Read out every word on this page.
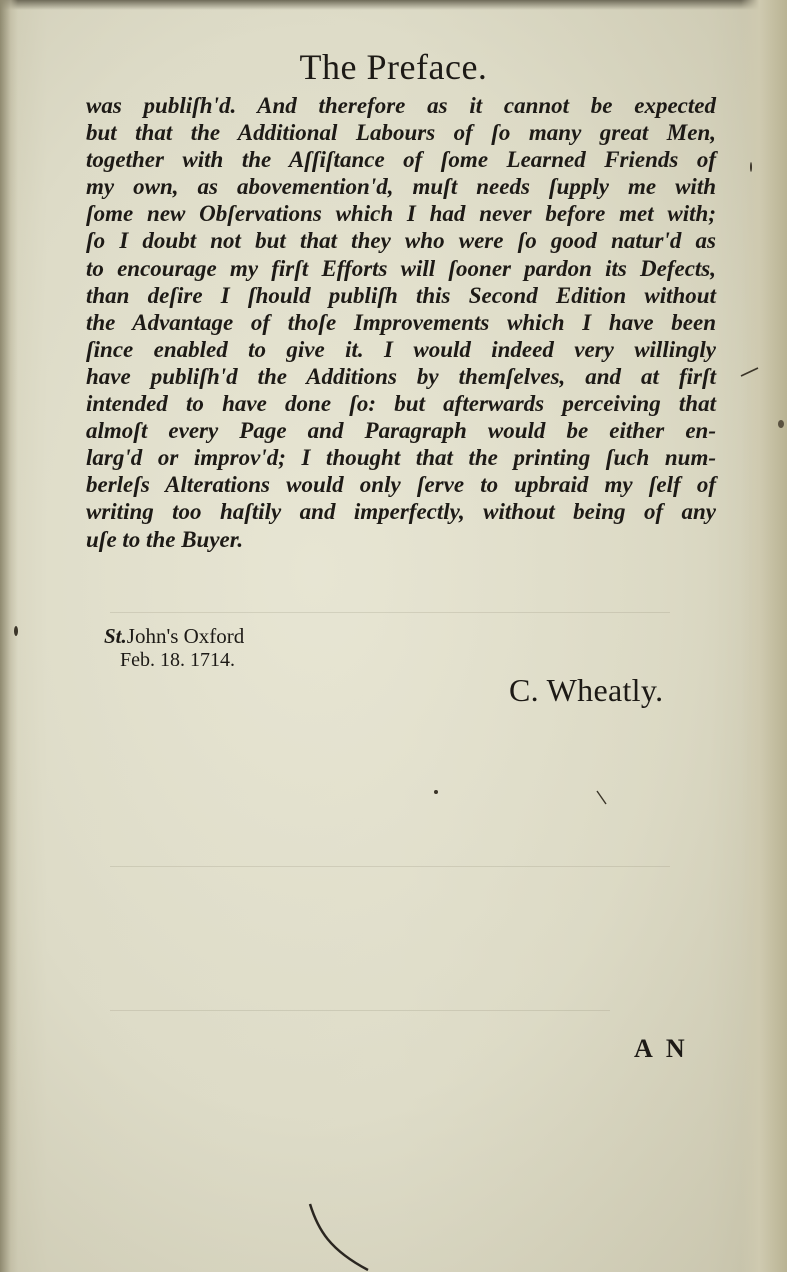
The Preface.
was publiſh'd. And therefore as it cannot be expected
but that the Additional Labours of ſo many great Men,
together with the Aſſiſtance of ſome Learned Friends of
my own, as abovemention'd, muſt needs ſupply me with
ſome new Obſervations which I had never before met with;
ſo I doubt not but that they who were ſo good natur'd as
to encourage my firſt Efforts will ſooner pardon its Defects,
than deſire I ſhould publiſh this Second Edition without
the Advantage of thoſe Improvements which I have been
ſince enabled to give it. I would indeed very willingly
have publiſh'd the Additions by themſelves, and at firſt
intended to have done ſo: but afterwards perceiving that
almoſt every Page and Paragraph would be either en-
larg'd or improv'd; I thought that the printing ſuch num-
berleſs Alterations would only ſerve to upbraid my ſelf of
writing too haſtily and imperfectly, without being of any
uſe to the Buyer.
St.John's Oxford
Feb. 18. 1714.
C. Wheatly.
A N
